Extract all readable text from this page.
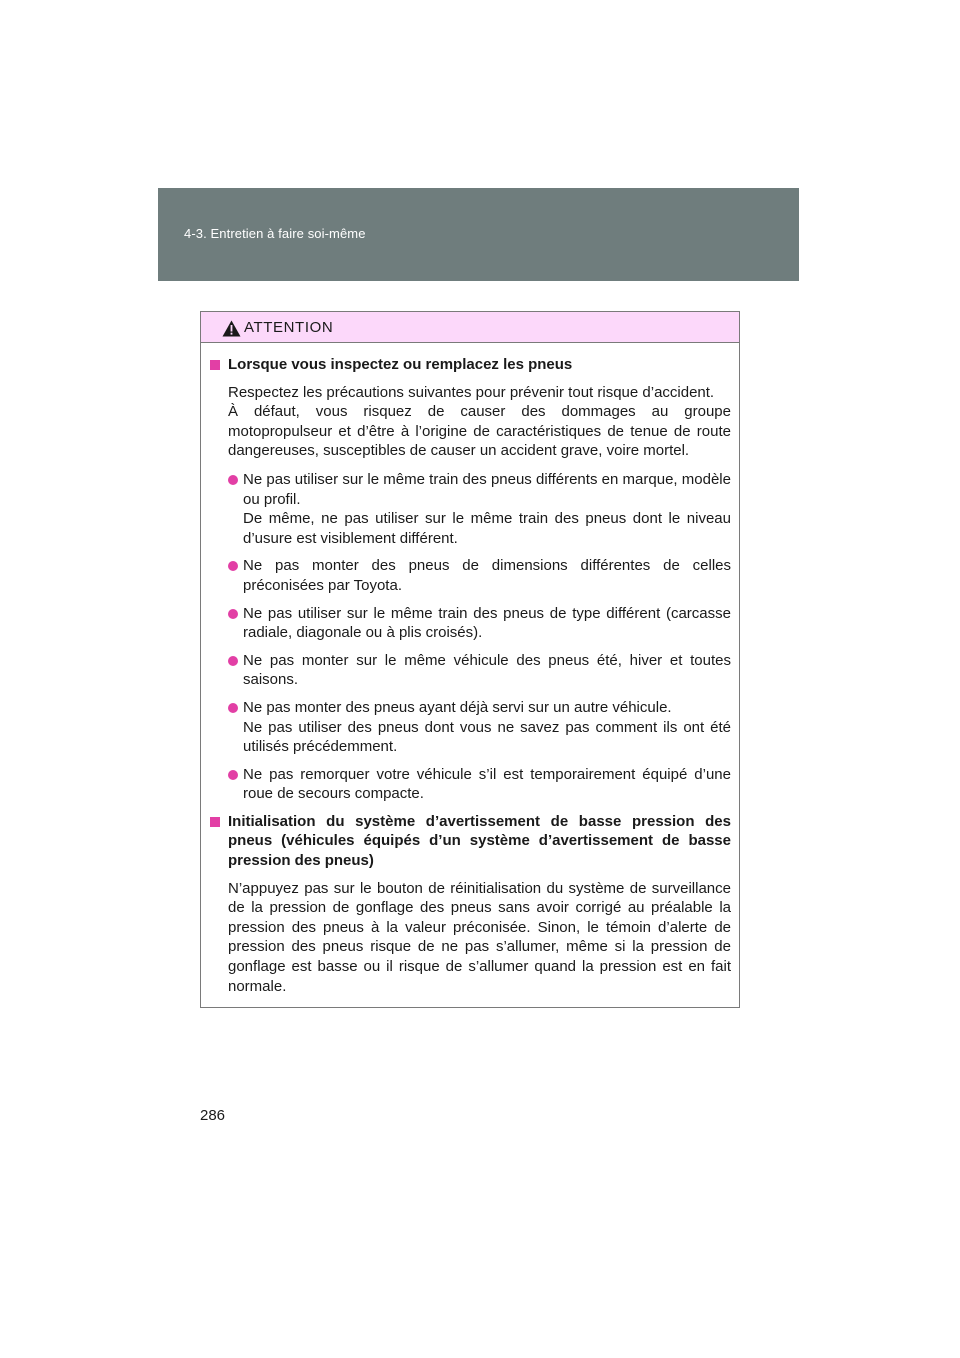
4-3. Entretien à faire soi-même
ATTENTION
Lorsque vous inspectez ou remplacez les pneus
Respectez les précautions suivantes pour prévenir tout risque d’accident.
À défaut, vous risquez de causer des dommages au groupe motopropulseur et d’être à l’origine de caractéristiques de tenue de route dangereuses, susceptibles de causer un accident grave, voire mortel.
Ne pas utiliser sur le même train des pneus différents en marque, modèle ou profil.
De même, ne pas utiliser sur le même train des pneus dont le niveau d’usure est visiblement différent.
Ne pas monter des pneus de dimensions différentes de celles préconisées par Toyota.
Ne pas utiliser sur le même train des pneus de type différent (carcasse radiale, diagonale ou à plis croisés).
Ne pas monter sur le même véhicule des pneus été, hiver et toutes saisons.
Ne pas monter des pneus ayant déjà servi sur un autre véhicule.
Ne pas utiliser des pneus dont vous ne savez pas comment ils ont été utilisés précédemment.
Ne pas remorquer votre véhicule s’il est temporairement équipé d’une roue de secours compacte.
Initialisation du système d’avertissement de basse pression des pneus (véhicules équipés d’un système d’avertissement de basse pression des pneus)
N’appuyez pas sur le bouton de réinitialisation du système de surveillance de la pression de gonflage des pneus sans avoir corrigé au préalable la pression des pneus à la valeur préconisée. Sinon, le témoin d’alerte de pression des pneus risque de ne pas s’allumer, même si la pression de gonflage est basse ou il risque de s’allumer quand la pression est en fait normale.
286
